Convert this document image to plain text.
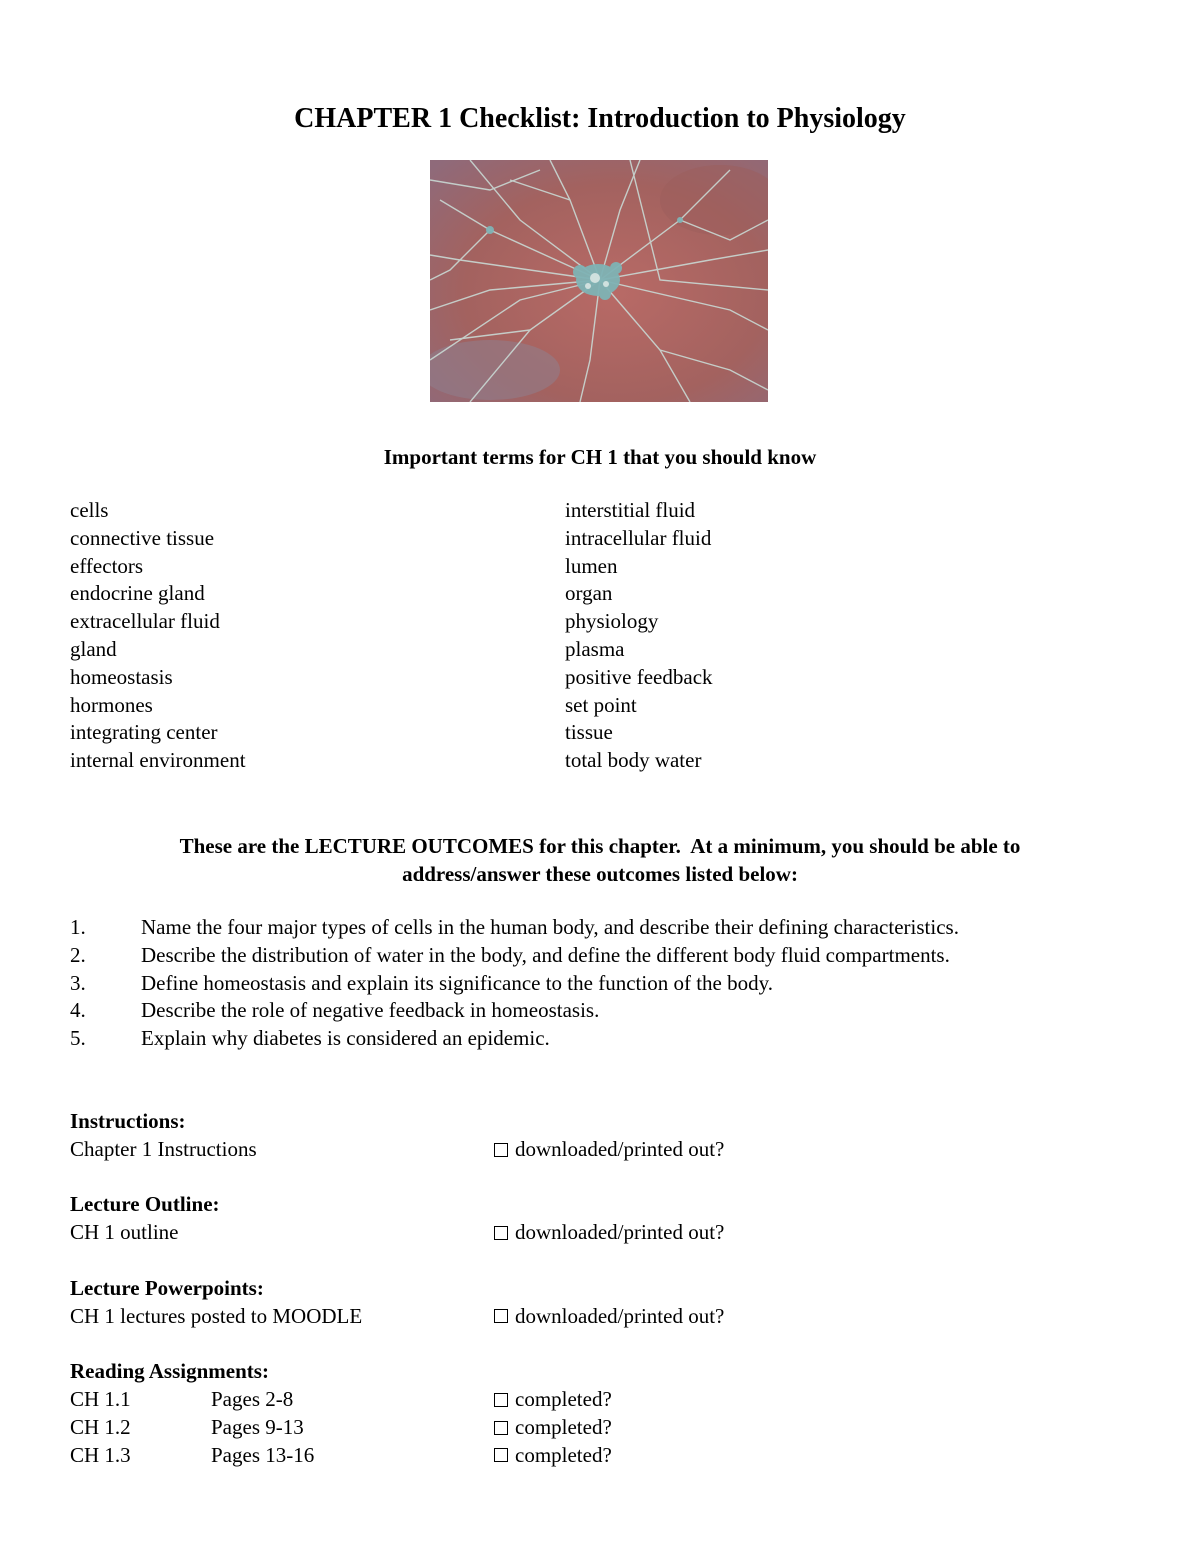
CHAPTER 1 Checklist: Introduction to Physiology
Important terms for CH 1 that you should know
cells
connective tissue
effectors
endocrine gland
extracellular fluid
gland
homeostasis
hormones
integrating center
internal environment
interstitial fluid
intracellular fluid
lumen
organ
physiology
plasma
positive feedback
set point
tissue
total body water
These are the LECTURE OUTCOMES for this chapter.  At a minimum, you should be able to
address/answer these outcomes listed below:
1.	Name the four major types of cells in the human body, and describe their defining characteristics.
2.	Describe the distribution of water in the body, and define the different body fluid compartments.
3.	Define homeostasis and explain its significance to the function of the body.
4.	Describe the role of negative feedback in homeostasis.
5.	Explain why diabetes is considered an epidemic.
Instructions:
Chapter 1 Instructions	downloaded/printed out?
Lecture Outline:
CH 1 outline	downloaded/printed out?
Lecture Powerpoints:
CH 1 lectures posted to MOODLE	downloaded/printed out?
Reading Assignments:
CH 1.1	Pages 2-8	completed?
CH 1.2	Pages 9-13	completed?
CH 1.3	Pages 13-16	completed?
